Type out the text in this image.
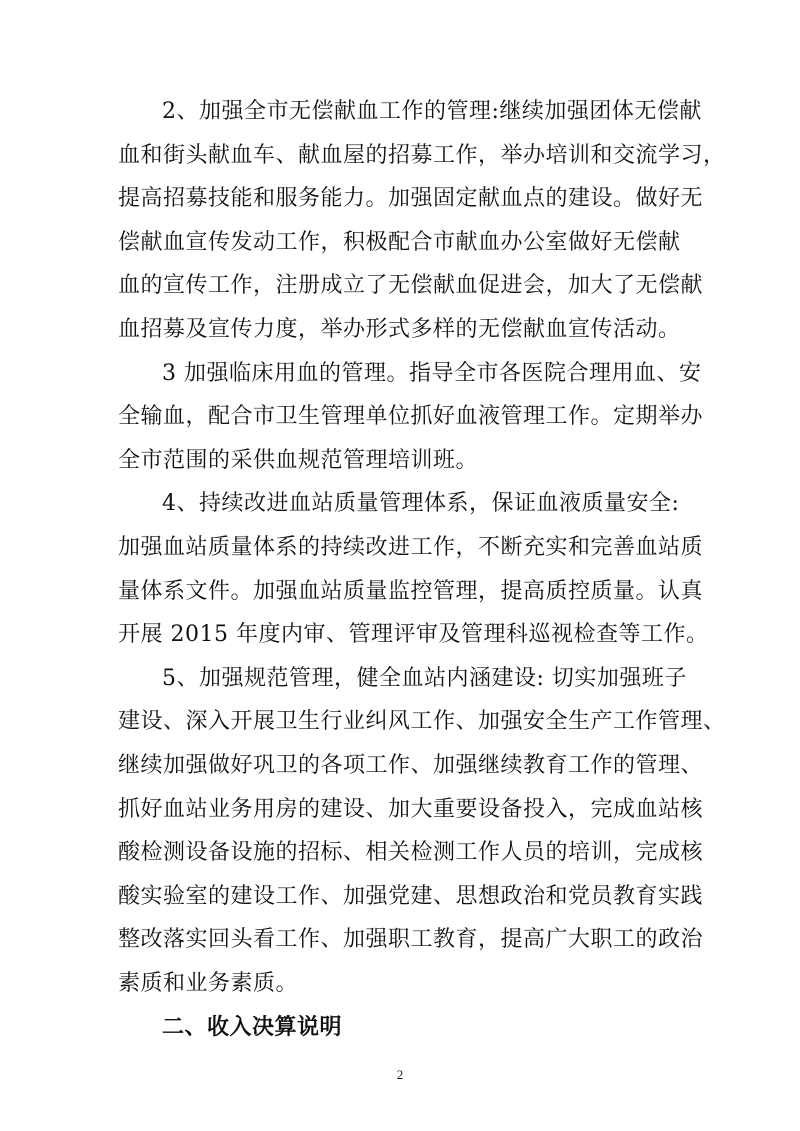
2、加强全市无偿献血工作的管理:继续加强团体无偿献
血和街头献血车、献血屋的招募工作，举办培训和交流学习，
提高招募技能和服务能力。加强固定献血点的建设。做好无
偿献血宣传发动工作，积极配合市献血办公室做好无偿献
血的宣传工作，注册成立了无偿献血促进会，加大了无偿献
血招募及宣传力度，举办形式多样的无偿献血宣传活动。
3 加强临床用血的管理。指导全市各医院合理用血、安
全输血，配合市卫生管理单位抓好血液管理工作。定期举办
全市范围的采供血规范管理培训班。
4、持续改进血站质量管理体系，保证血液质量安全:
加强血站质量体系的持续改进工作，不断充实和完善血站质
量体系文件。加强血站质量监控管理，提高质控质量。认真
开展 2015 年度内审、管理评审及管理科巡视检查等工作。
5、加强规范管理，健全血站内涵建设: 切实加强班子
建设、深入开展卫生行业纠风工作、加强安全生产工作管理、
继续加强做好巩卫的各项工作、加强继续教育工作的管理、
抓好血站业务用房的建设、加大重要设备投入，完成血站核
酸检测设备设施的招标、相关检测工作人员的培训，完成核
酸实验室的建设工作、加强党建、思想政治和党员教育实践
整改落实回头看工作、加强职工教育，提高广大职工的政治
素质和业务素质。
二、收入决算说明
2
